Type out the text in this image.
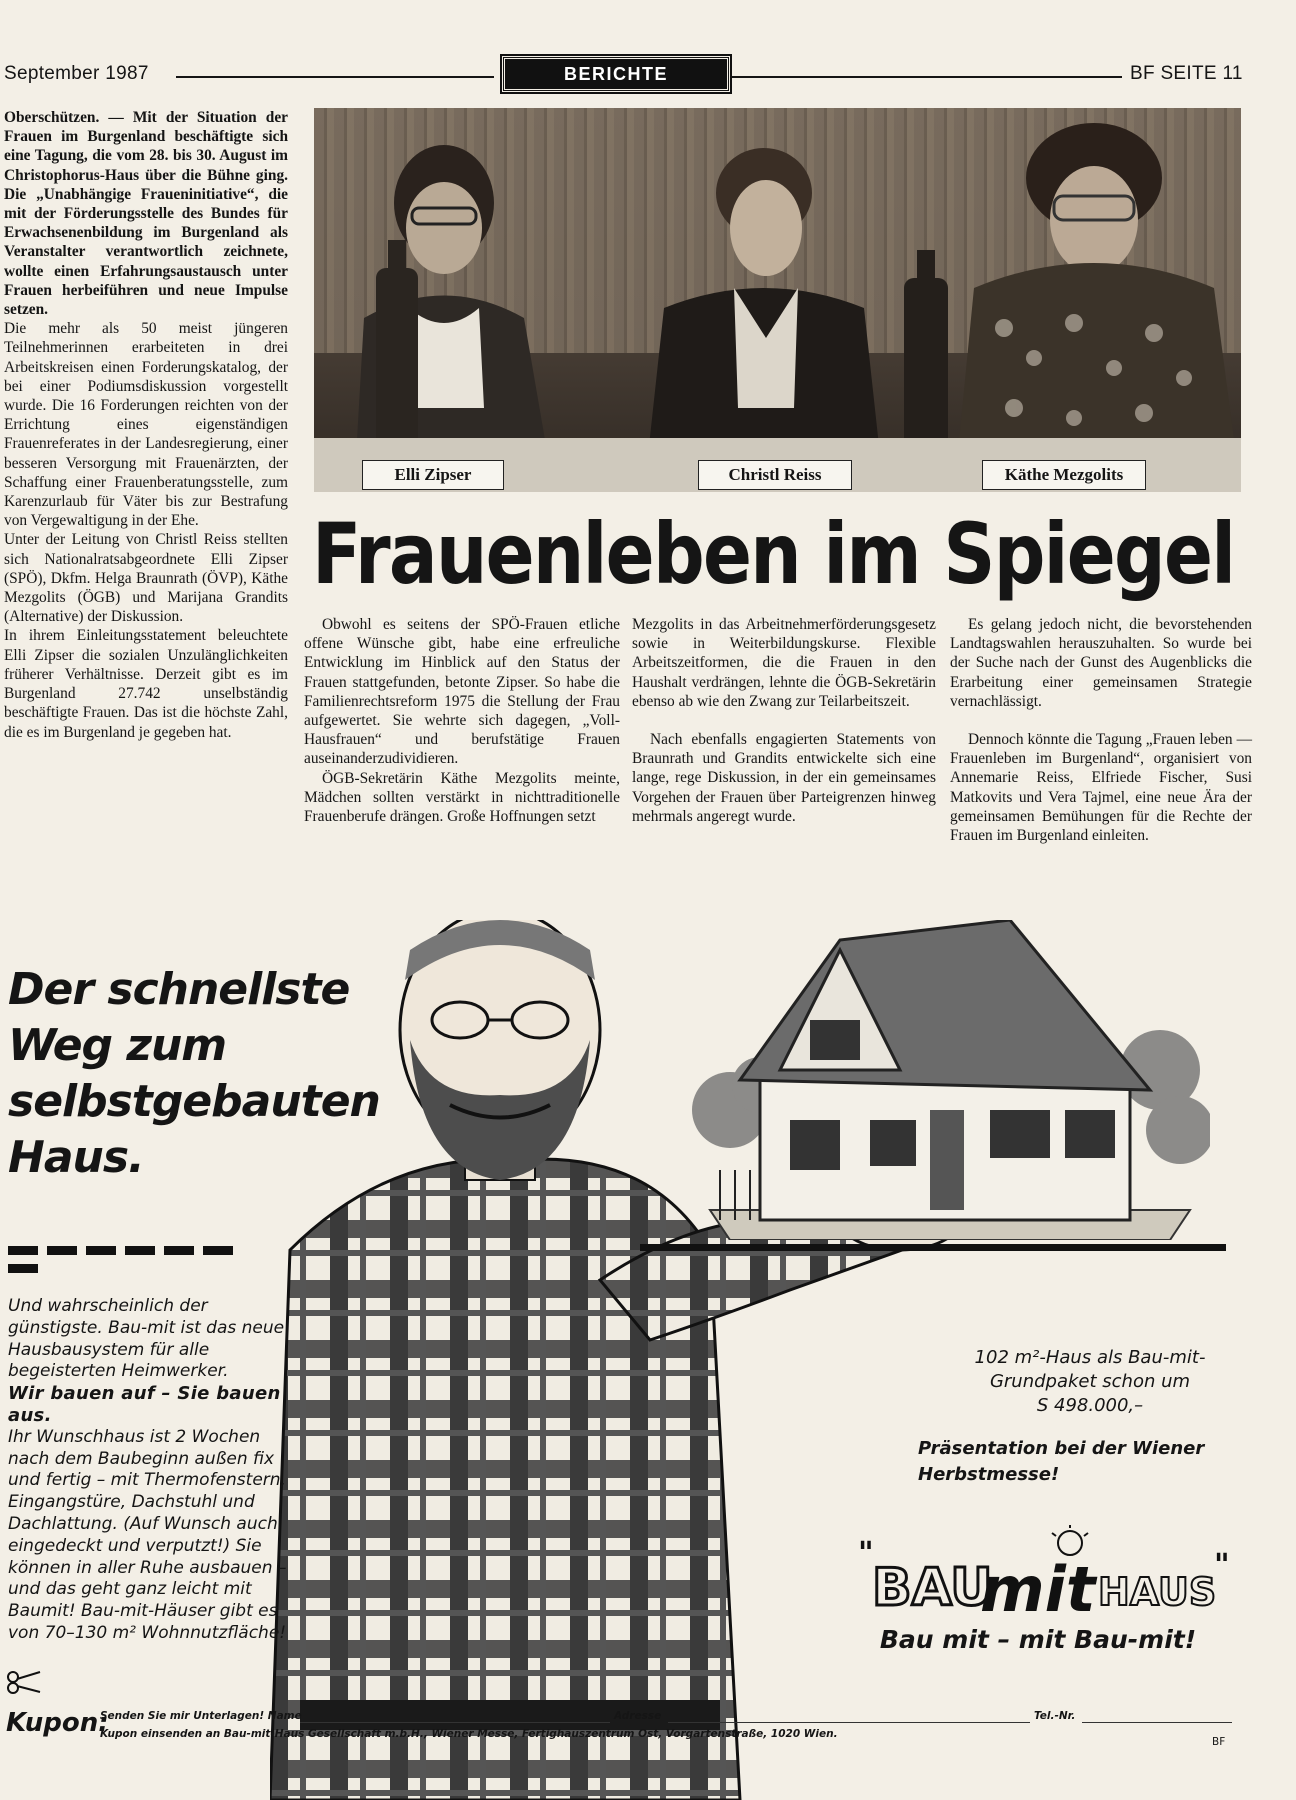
September 1987	BERICHTE	BF SEITE 11

Oberschützen. — Mit der Situation der Frauen im Burgenland beschäftigte sich eine Tagung, die vom 28. bis 30. August im Christophorus-Haus über die Bühne ging. Die „Unabhängige Fraueninitiative“, die mit der Förderungsstelle des Bundes für Erwachsenenbildung im Burgenland als Veranstalter verantwortlich zeichnete, wollte einen Erfahrungsaustausch unter Frauen herbeiführen und neue Impulse setzen.

Die mehr als 50 meist jüngeren Teilnehmerinnen erarbeiteten in drei Arbeitskreisen einen Forderungskatalog, der bei einer Podiumsdiskussion vorgestellt wurde. Die 16 Forderungen reichten von der Errichtung eines eigenständigen Frauenreferates in der Landesregierung, einer besseren Versorgung mit Frauenärzten, der Schaffung einer Frauenberatungsstelle, zum Karenzurlaub für Väter bis zur Bestrafung von Vergewaltigung in der Ehe.

Unter der Leitung von Christl Reiss stellten sich Nationalratsabgeordnete Elli Zipser (SPÖ), Dkfm. Helga Braunrath (ÖVP), Käthe Mezgolits (ÖGB) und Marijana Grandits (Alternative) der Diskussion.

In ihrem Einleitungsstatement beleuchtete Elli Zipser die sozialen Unzulänglichkeiten früherer Verhältnisse. Derzeit gibt es im Burgenland 27.742 unselbständig beschäftigte Frauen. Das ist die höchste Zahl, die es im Burgenland je gegeben hat.

Elli Zipser	Christl Reiss	Käthe Mezgolits
Frauenleben im Spiegel

Obwohl es seitens der SPÖ-Frauen etliche offene Wünsche gibt, habe eine erfreuliche Entwicklung im Hinblick auf den Status der Frauen stattgefunden, betonte Zipser. So habe die Familienrechtsreform 1975 die Stellung der Frau aufgewertet. Sie wehrte sich dagegen, „Voll-Hausfrauen“ und berufstätige Frauen auseinanderzudividieren.

ÖGB-Sekretärin Käthe Mezgolits meinte, Mädchen sollten verstärkt in nichttraditionelle Frauenberufe drängen. Große Hoffnungen setzt

Mezgolits in das Arbeitnehmerförderungsgesetz sowie in Weiterbildungskurse. Flexible Arbeitszeitformen, die die Frauen in den Haushalt verdrängen, lehnte die ÖGB-Sekretärin ebenso ab wie den Zwang zur Teilarbeitszeit.

Nach ebenfalls engagierten Statements von Braunrath und Grandits entwickelte sich eine lange, rege Diskussion, in der ein gemeinsames Vorgehen der Frauen über Parteigrenzen hinweg mehrmals angeregt wurde.

Es gelang jedoch nicht, die bevorstehenden Landtagswahlen herauszuhalten. So wurde bei der Suche nach der Gunst des Augenblicks die Erarbeitung einer gemeinsamen Strategie vernachlässigt.

Dennoch könnte die Tagung „Frauen leben — Frauenleben im Burgenland“, organisiert von Annemarie Reiss, Elfriede Fischer, Susi Matkovits und Vera Tajmel, eine neue Ära der gemeinsamen Bemühungen für die Rechte der Frauen im Burgenland einleiten.

Der schnellste
Weg zum
selbstgebauten
Haus.
Und wahrscheinlich der günstigste. Bau-mit ist das neue Hausbausystem für alle begeisterten Heimwerker.
Wir bauen auf – Sie bauen aus.
Ihr Wunschhaus ist 2 Wochen nach dem Baubeginn außen fix und fertig – mit Thermofenstern, Eingangstüre, Dachstuhl und Dachlattung. (Auf Wunsch auch eingedeckt und verputzt!) Sie können in aller Ruhe ausbauen – und das geht ganz leicht mit Baumit! Bau-mit-Häuser gibt es von 70–130 m² Wohnnutzfläche!
102 m²-Haus als Bau-mit-
Grundpaket schon um
S 498.000,–
Präsentation bei der Wiener
Herbstmesse!
"
BAU
mit HAUS
"
Bau mit – mit Bau-mit!
Kupon:
Senden Sie mir Unterlagen! Name	Adresse	Tel.-Nr.
Kupon einsenden an Bau-mit-Haus Gesellschaft m.b.H., Wiener Messe, Fertighauszentrum Ost, Vorgartenstraße, 1020 Wien.
BF
